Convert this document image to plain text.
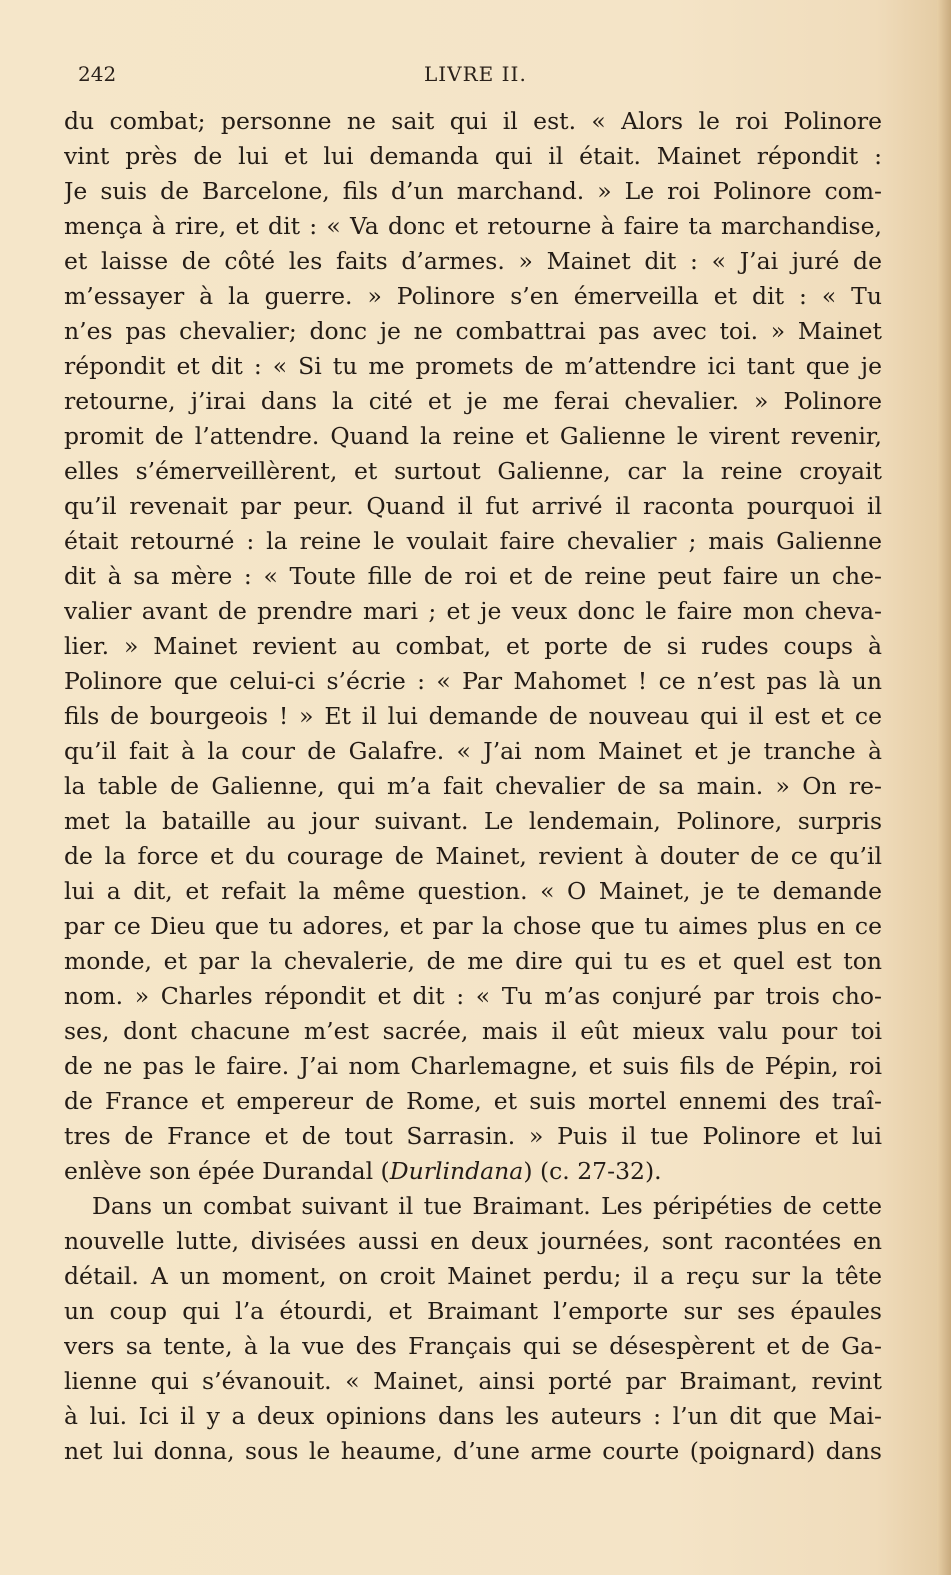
242	LIVRE II.
du combat; personne ne sait qui il est. « Alors le roi Polinore
vint près de lui et lui demanda qui il était. Mainet répondit :
Je suis de Barcelone, fils d’un marchand. » Le roi Polinore com-
mença à rire, et dit : « Va donc et retourne à faire ta marchandise,
et laisse de côté les faits d’armes. » Mainet dit : « J’ai juré de
m’essayer à la guerre. » Polinore s’en émerveilla et dit : « Tu
n’es pas chevalier; donc je ne combattrai pas avec toi. » Mainet
répondit et dit : « Si tu me promets de m’attendre ici tant que je
retourne, j’irai dans la cité et je me ferai chevalier. » Polinore
promit de l’attendre. Quand la reine et Galienne le virent revenir,
elles s’émerveillèrent, et surtout Galienne, car la reine croyait
qu’il revenait par peur. Quand il fut arrivé il raconta pourquoi il
était retourné : la reine le voulait faire chevalier ; mais Galienne
dit à sa mère : « Toute fille de roi et de reine peut faire un che-
valier avant de prendre mari ; et je veux donc le faire mon cheva-
lier. » Mainet revient au combat, et porte de si rudes coups à
Polinore que celui-ci s’écrie : « Par Mahomet ! ce n’est pas là un
fils de bourgeois ! » Et il lui demande de nouveau qui il est et ce
qu’il fait à la cour de Galafre. « J’ai nom Mainet et je tranche à
la table de Galienne, qui m’a fait chevalier de sa main. » On re-
met la bataille au jour suivant. Le lendemain, Polinore, surpris
de la force et du courage de Mainet, revient à douter de ce qu’il
lui a dit, et refait la même question. « O Mainet, je te demande
par ce Dieu que tu adores, et par la chose que tu aimes plus en ce
monde, et par la chevalerie, de me dire qui tu es et quel est ton
nom. » Charles répondit et dit : « Tu m’as conjuré par trois cho-
ses, dont chacune m’est sacrée, mais il eût mieux valu pour toi
de ne pas le faire. J’ai nom Charlemagne, et suis fils de Pépin, roi
de France et empereur de Rome, et suis mortel ennemi des traî-
tres de France et de tout Sarrasin. » Puis il tue Polinore et lui
enlève son épée Durandal (Durlindana) (c. 27-32).
Dans un combat suivant il tue Braimant. Les péripéties de cette
nouvelle lutte, divisées aussi en deux journées, sont racontées en
détail. A un moment, on croit Mainet perdu; il a reçu sur la tête
un coup qui l’a étourdi, et Braimant l’emporte sur ses épaules
vers sa tente, à la vue des Français qui se désespèrent et de Ga-
lienne qui s’évanouit. « Mainet, ainsi porté par Braimant, revint
à lui. Ici il y a deux opinions dans les auteurs : l’un dit que Mai-
net lui donna, sous le heaume, d’une arme courte (poignard) dans
